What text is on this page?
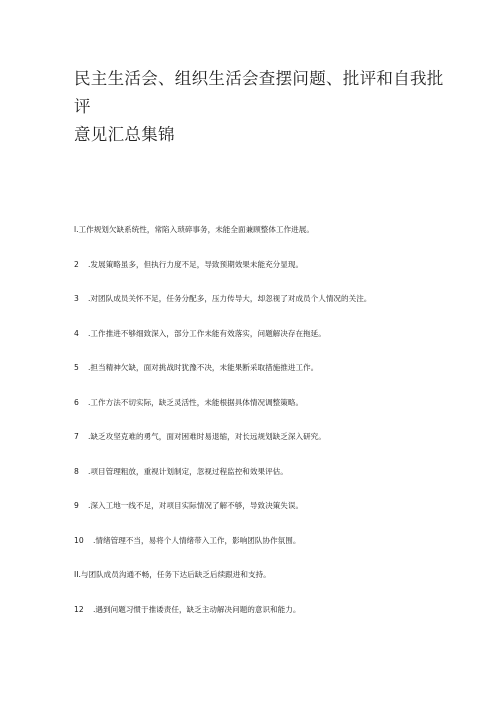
民主生活会、组织生活会查摆问题、批评和自我批评
意见汇总集锦
l.工作规划欠缺系统性，常陷入琐碎事务，未能全面兼顾整体工作进展。
2 .发展策略虽多，但执行力度不足，导致预期效果未能充分显现。
3 .对团队成员关怀不足，任务分配多，压力传导大，却忽视了对成员个人情况的关注。
4 .工作推进不够细致深入，部分工作未能有效落实，问题解决存在拖延。
5 .担当精神欠缺，面对挑战时犹豫不决，未能果断采取措施推进工作。
6 .工作方法不切实际，缺乏灵活性，未能根据具体情况调整策略。
7 .缺乏攻坚克难的勇气，面对困难时易退缩，对长远规划缺乏深入研究。
8 .项目管理粗放，重视计划制定，忽视过程监控和效果评估。
9 .深入工地一线不足，对项目实际情况了解不够，导致决策失误。
10 .情绪管理不当，易将个人情绪带入工作，影响团队协作氛围。
II.与团队成员沟通不畅，任务下达后缺乏后续跟进和支持。
12 .遇到问题习惯于推诿责任，缺乏主动解决问题的意识和能力。
